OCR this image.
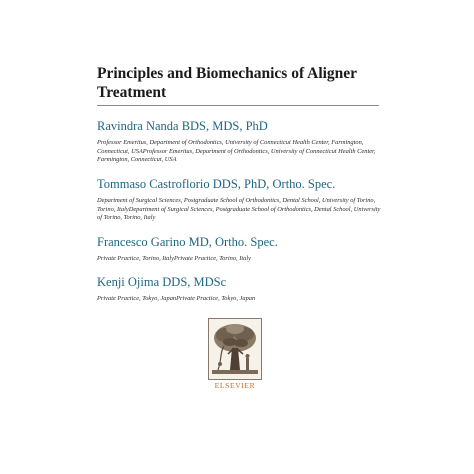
Principles and Biomechanics of Aligner Treatment

Ravindra Nanda BDS, MDS, PhD

Professor Emeritus, Department of Orthodontics, University of Connecticut Health Center, Farmington, Connecticut, USAProfessor Emeritus, Department of Orthodontics, University of Connecticut Health Center, Farmington, Connecticut, USA

Tommaso Castroflorio DDS, PhD, Ortho. Spec.

Department of Surgical Sciences, Postgraduate School of Orthodontics, Dental School, University of Torino, Torino, ItalyDepartment of Surgical Sciences, Postgraduate School of Orthodontics, Dental School, University of Torino, Torino, Italy

Francesco Garino MD, Ortho. Spec.

Private Practice, Torino, ItalyPrivate Practice, Torino, Italy

Kenji Ojima DDS, MDSc

Private Practice, Tokyo, JapanPrivate Practice, Tokyo, Japan

ELSEVIER
